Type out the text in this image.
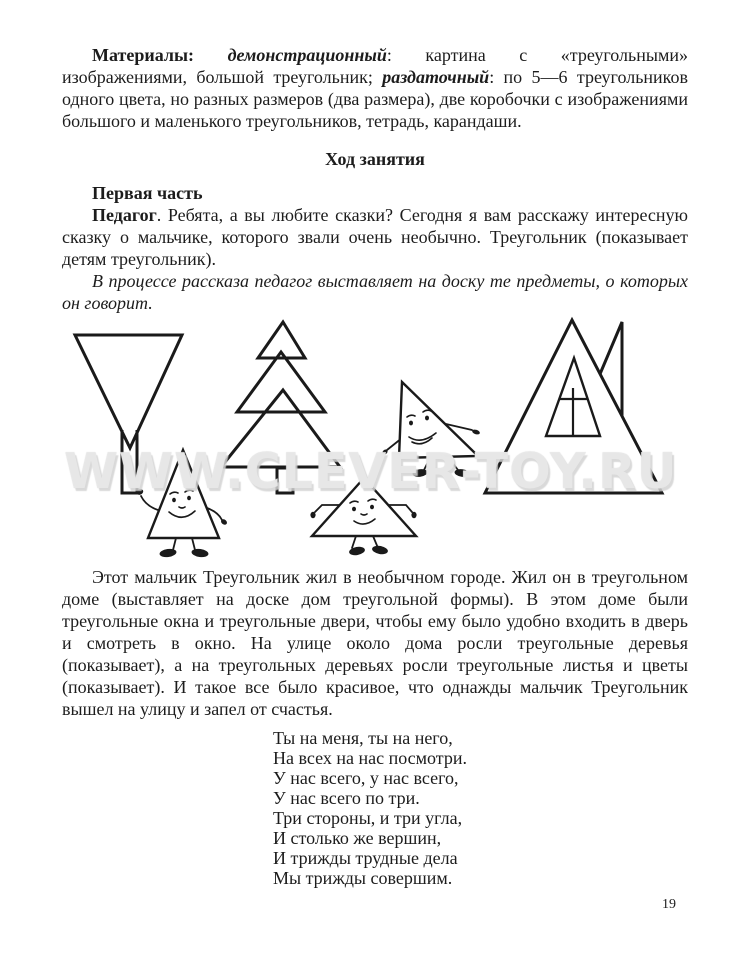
Материалы: демонстрационный: картина с «треугольными» изображениями, большой треугольник; раздаточный: по 5—6 треугольников одного цвета, но разных размеров (два размера), две коробочки с изображениями большого и маленького треугольников, тетрадь, карандаши.

Ход занятия

Первая часть

Педагог. Ребята, а вы любите сказки? Сегодня я вам расскажу интересную сказку о мальчике, которого звали очень необычно. Треугольник (показывает детям треугольник).

В процессе рассказа педагог выставляет на доску те предметы, о которых он говорит.

WWW.CLEVER-TOY.RU

Этот мальчик Треугольник жил в необычном городе. Жил он в треугольном доме (выставляет на доске дом треугольной формы). В этом доме были треугольные окна и треугольные двери, чтобы ему было удобно входить в дверь и смотреть в окно. На улице около дома росли треугольные деревья (показывает), а на треугольных деревьях росли треугольные листья и цветы (показывает). И такое все было красивое, что однажды мальчик Треугольник вышел на улицу и запел от счастья.

Ты на меня, ты на него,
На всех на нас посмотри.
У нас всего, у нас всего,
У нас всего по три.
Три стороны, и три угла,
И столько же вершин,
И трижды трудные дела
Мы трижды совершим.
19
